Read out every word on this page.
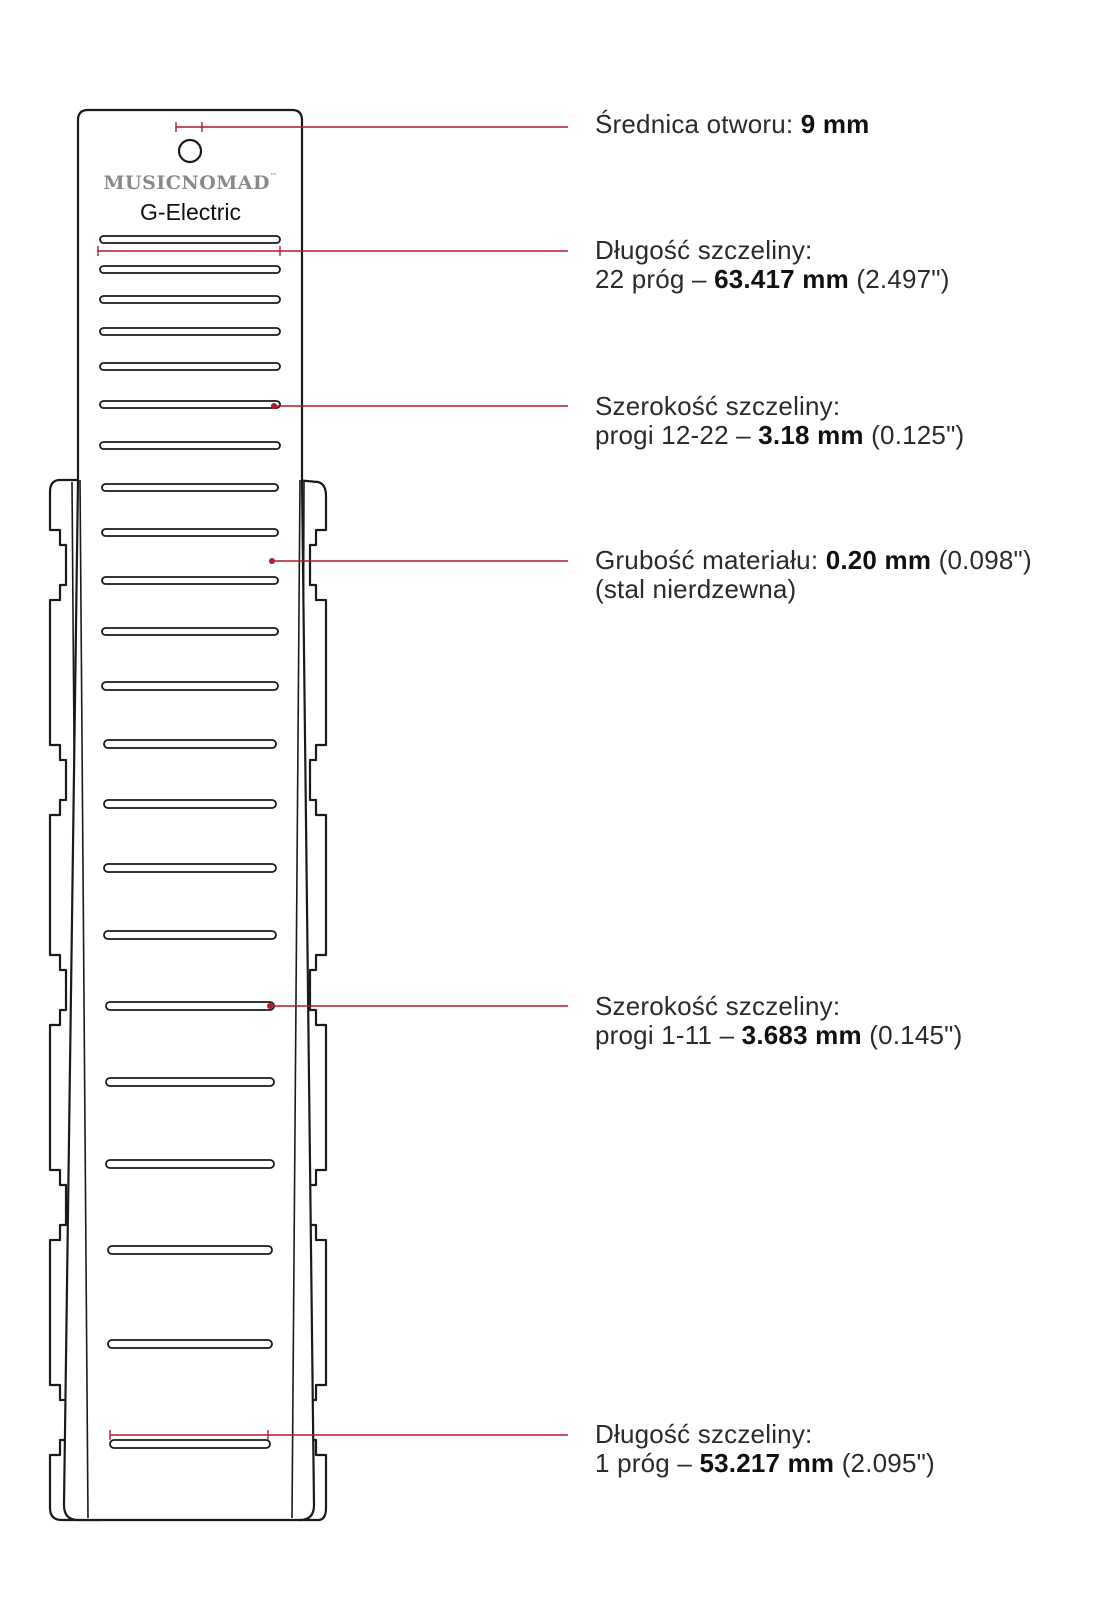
MUSICNOMAD™
G-Electric
Średnica otworu: 9 mm
Długość szczeliny:
22 próg – 63.417 mm (2.497")
Szerokość szczeliny:
progi 12-22 – 3.18 mm (0.125")
Grubość materiału: 0.20 mm (0.098")
(stal nierdzewna)
Szerokość szczeliny:
progi 1-11 – 3.683 mm (0.145")
Długość szczeliny:
1 próg – 53.217 mm (2.095")
